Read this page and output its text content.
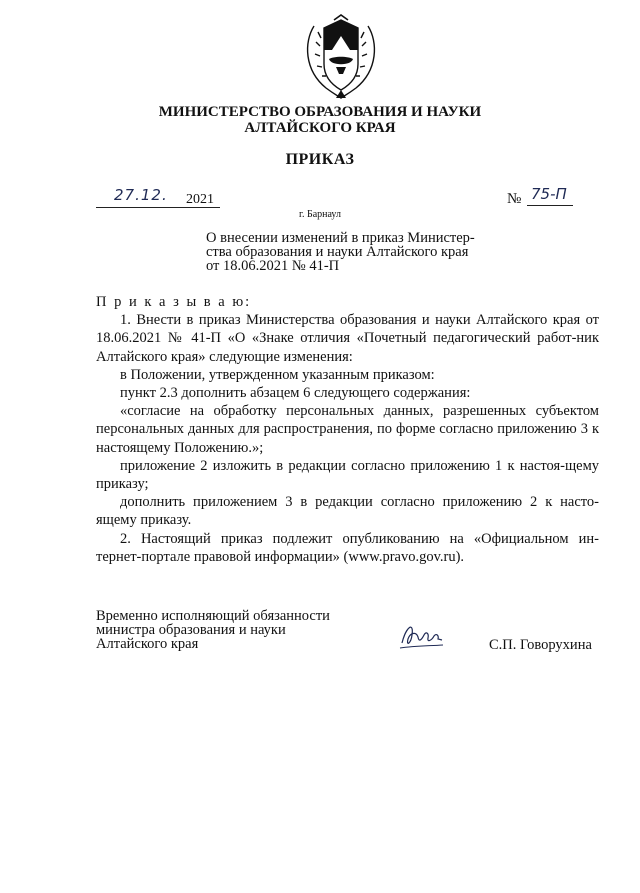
МИНИСТЕРСТВО ОБРАЗОВАНИЯ И НАУКИ
АЛТАЙСКОГО КРАЯ
ПРИКАЗ
27.12. 2021	№ 75-П
г. Барнаул
О внесении изменений в приказ Министер-
ства образования и науки Алтайского края
от 18.06.2021 № 41-П

П р и к а з ы в а ю:

1. Внести в приказ Министерства образования и науки Алтайского края от 18.06.2021 № 41-П «О «Знаке отличия «Почетный педагогический работ-ник Алтайского края» следующие изменения:

в Положении, утвержденном указанным приказом:

пункт 2.3 дополнить абзацем 6 следующего содержания:

«согласие на обработку персональных данных, разрешенных субъектом персональных данных для распространения, по форме согласно приложению 3 к настоящему Положению.»;

приложение 2 изложить в редакции согласно приложению 1 к настоя-щему приказу;

дополнить приложением 3 в редакции согласно приложению 2 к насто-ящему приказу.

2. Настоящий приказ подлежит опубликованию на «Официальном ин-тернет-портале правовой информации» (www.pravo.gov.ru).

Временно исполняющий обязанности
министра образования и науки
Алтайского края	С.П. Говорухина
